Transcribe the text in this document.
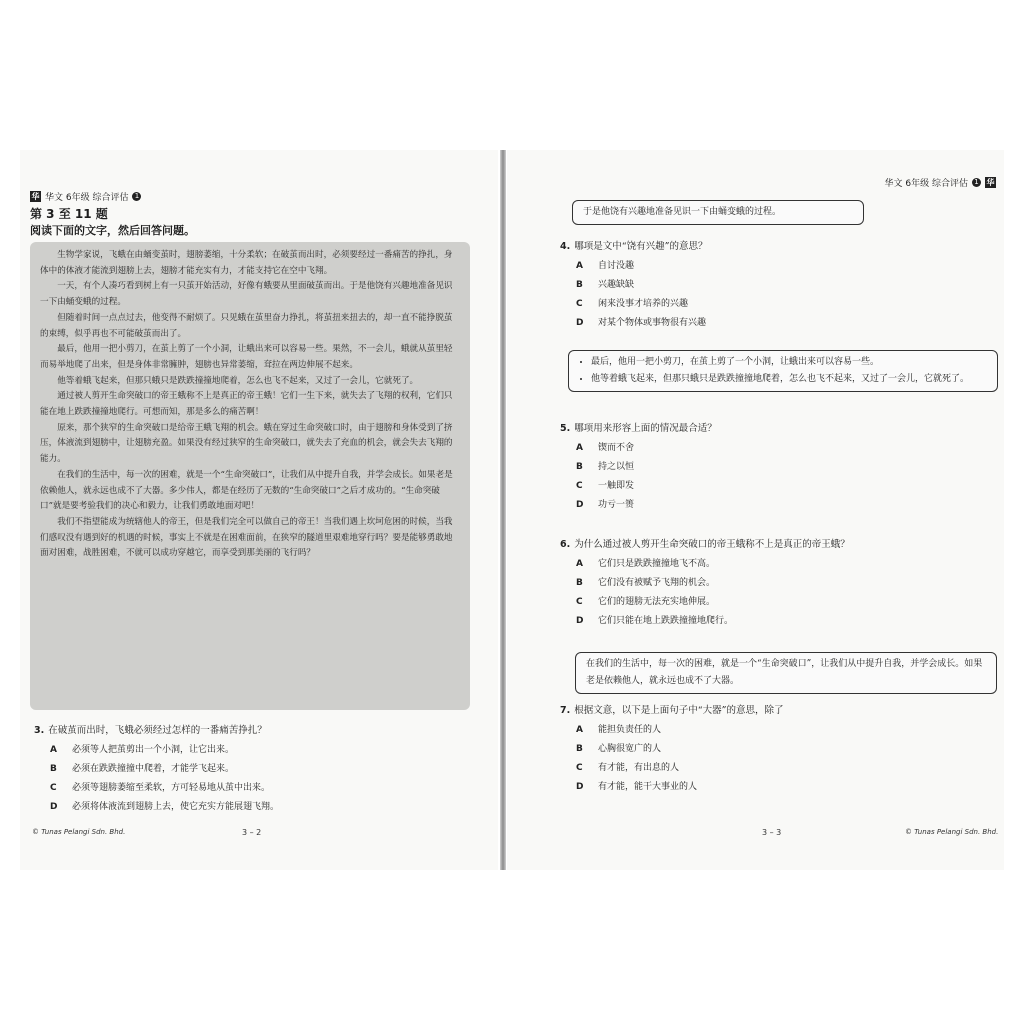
华 华文 6年级 综合评估 1
第 3 至 11 题
阅读下面的文字，然后回答问题。

生物学家说，飞蛾在由蛹变茧时，翅膀萎缩，十分柔软；在破茧而出时，必须要经过一番痛苦的挣扎，身体中的体液才能流到翅膀上去，翅膀才能充实有力，才能支持它在空中飞翔。

一天，有个人凑巧看到树上有一只茧开始活动，好像有蛾要从里面破茧而出。于是他饶有兴趣地准备见识一下由蛹变蛾的过程。

但随着时间一点点过去，他变得不耐烦了。只见蛾在茧里奋力挣扎，将茧扭来扭去的，却一直不能挣脱茧的束缚，似乎再也不可能破茧而出了。

最后，他用一把小剪刀，在茧上剪了一个小洞，让蛾出来可以容易一些。果然，不一会儿，蛾就从茧里轻而易举地爬了出来，但是身体非常臃肿，翅膀也异常萎缩，耷拉在两边伸展不起来。

他等着蛾飞起来，但那只蛾只是跌跌撞撞地爬着，怎么也飞不起来，又过了一会儿，它就死了。

通过被人剪开生命突破口的帝王蛾称不上是真正的帝王蛾！它们一生下来，就失去了飞翔的权利，它们只能在地上跌跌撞撞地爬行。可想而知，那是多么的痛苦啊！

原来，那个狭窄的生命突破口是给帝王蛾飞翔的机会。蛾在穿过生命突破口时，由于翅膀和身体受到了挤压，体液流到翅膀中，让翅膀充盈。如果没有经过狭窄的生命突破口，就失去了充血的机会，就会失去飞翔的能力。

在我们的生活中，每一次的困难，就是一个“生命突破口”，让我们从中提升自我，并学会成长。如果老是依赖他人，就永远也成不了大器。多少伟人，都是在经历了无数的“生命突破口”之后才成功的。“生命突破口”就是要考验我们的决心和毅力，让我们勇敢地面对吧！

我们不指望能成为统辖他人的帝王，但是我们完全可以做自己的帝王！当我们遇上坎坷危困的时候，当我们感叹没有遇到好的机遇的时候，事实上不就是在困难面前，在狭窄的隧道里艰难地穿行吗？要是能够勇敢地面对困难，战胜困难，不就可以成功穿越它，而享受到那美丽的飞行吗？

3. 在破茧而出时，飞蛾必须经过怎样的一番痛苦挣扎？
A	必须等人把茧剪出一个小洞，让它出来。
B	必须在跌跌撞撞中爬着，才能学飞起来。
C	必须等翅膀萎缩至柔软，方可轻易地从茧中出来。
D	必须将体液流到翅膀上去，使它充实方能展翅飞翔。
© Tunas Pelangi Sdn. Bhd.	3 – 2
华文 6年级 综合评估 1 华
于是他饶有兴趣地准备见识一下由蛹变蛾的过程。
4. 哪项是文中“饶有兴趣”的意思？
A	自讨没趣
B	兴趣缺缺
C	闲来没事才培养的兴趣
D	对某个物体或事物很有兴趣
• 最后，他用一把小剪刀，在茧上剪了一个小洞，让蛾出来可以容易一些。
• 他等着蛾飞起来，但那只蛾只是跌跌撞撞地爬着，怎么也飞不起来，又过了一会儿，它就死了。
5. 哪项用来形容上面的情况最合适？
A	锲而不舍
B	持之以恒
C	一触即发
D	功亏一篑
6. 为什么通过被人剪开生命突破口的帝王蛾称不上是真正的帝王蛾？
A	它们只是跌跌撞撞地飞不高。
B	它们没有被赋予飞翔的机会。
C	它们的翅膀无法充实地伸展。
D	它们只能在地上跌跌撞撞地爬行。
在我们的生活中，每一次的困难，就是一个“生命突破口”，让我们从中提升自我，并学会成长。如果老是依赖他人，就永远也成不了大器。
7. 根据文意，以下是上面句子中“大器”的意思，除了
A	能担负责任的人
B	心胸很宽广的人
C	有才能，有出息的人
D	有才能，能干大事业的人
3 – 3	© Tunas Pelangi Sdn. Bhd.
